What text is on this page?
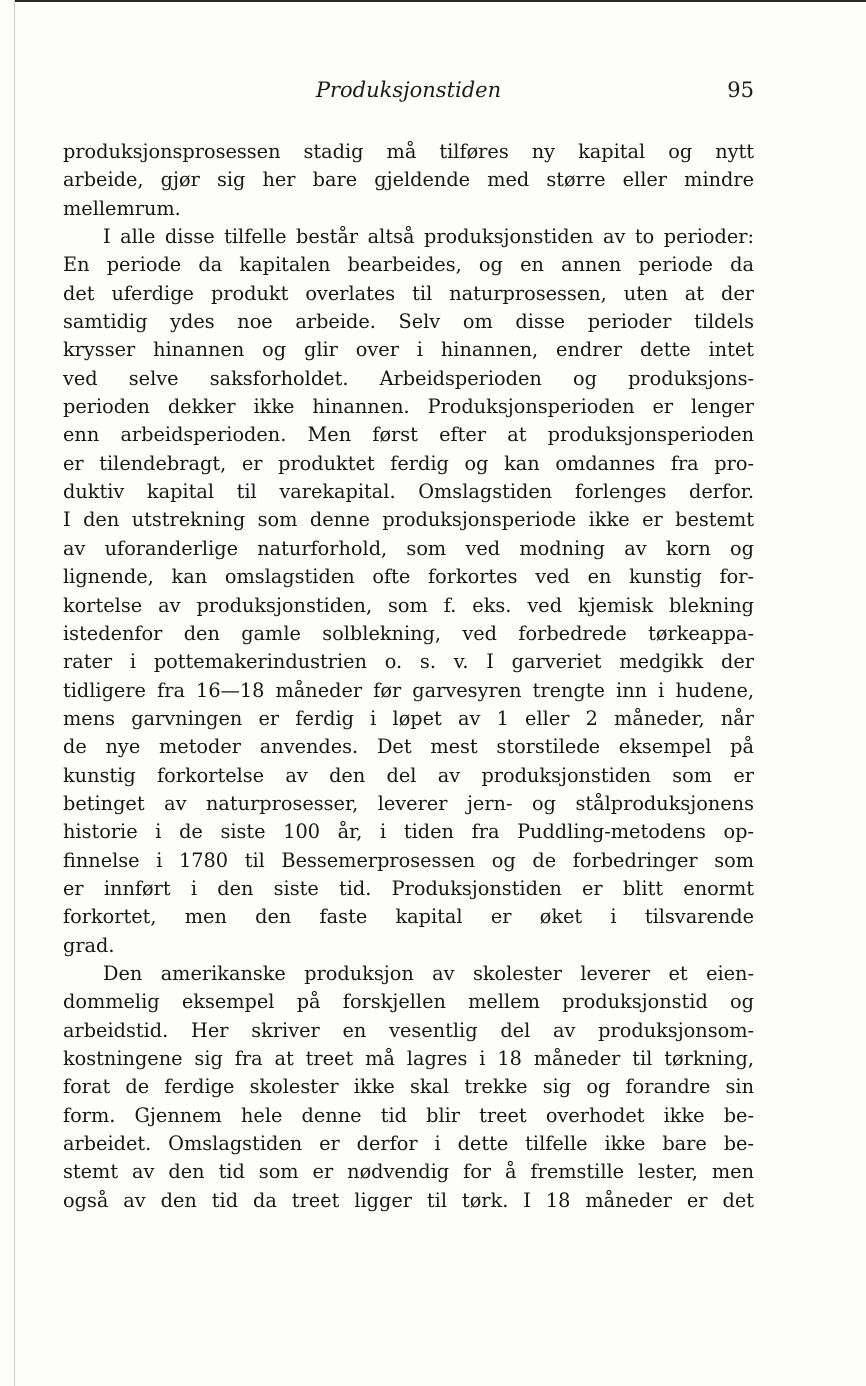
Produksjonstiden	95
produksjonsprosessen stadig må tilføres ny kapital og nytt
arbeide, gjør sig her bare gjeldende med større eller mindre
mellemrum.
I alle disse tilfelle består altså produksjonstiden av to perioder:
En periode da kapitalen bearbeides, og en annen periode da
det uferdige produkt overlates til naturprosessen, uten at der
samtidig ydes noe arbeide. Selv om disse perioder tildels
krysser hinannen og glir over i hinannen, endrer dette intet
ved selve saksforholdet. Arbeidsperioden og produksjons-
perioden dekker ikke hinannen. Produksjonsperioden er lenger
enn arbeidsperioden. Men først efter at produksjonsperioden
er tilendebragt, er produktet ferdig og kan omdannes fra pro-
duktiv kapital til varekapital. Omslagstiden forlenges derfor.
I den utstrekning som denne produksjonsperiode ikke er bestemt
av uforanderlige naturforhold, som ved modning av korn og
lignende, kan omslagstiden ofte forkortes ved en kunstig for-
kortelse av produksjonstiden, som f. eks. ved kjemisk blekning
istedenfor den gamle solblekning, ved forbedrede tørkeappa-
rater i pottemakerindustrien o. s. v. I garveriet medgikk der
tidligere fra 16—18 måneder før garvesyren trengte inn i hudene,
mens garvningen er ferdig i løpet av 1 eller 2 måneder, når
de nye metoder anvendes. Det mest storstilede eksempel på
kunstig forkortelse av den del av produksjonstiden som er
betinget av naturprosesser, leverer jern- og stålproduksjonens
historie i de siste 100 år, i tiden fra Puddling-metodens op-
finnelse i 1780 til Bessemerprosessen og de forbedringer som
er innført i den siste tid. Produksjonstiden er blitt enormt
forkortet, men den faste kapital er øket i tilsvarende
grad.
Den amerikanske produksjon av skolester leverer et eien-
dommelig eksempel på forskjellen mellem produksjonstid og
arbeidstid. Her skriver en vesentlig del av produksjonsom-
kostningene sig fra at treet må lagres i 18 måneder til tørkning,
forat de ferdige skolester ikke skal trekke sig og forandre sin
form. Gjennem hele denne tid blir treet overhodet ikke be-
arbeidet. Omslagstiden er derfor i dette tilfelle ikke bare be-
stemt av den tid som er nødvendig for å fremstille lester, men
også av den tid da treet ligger til tørk. I 18 måneder er det
